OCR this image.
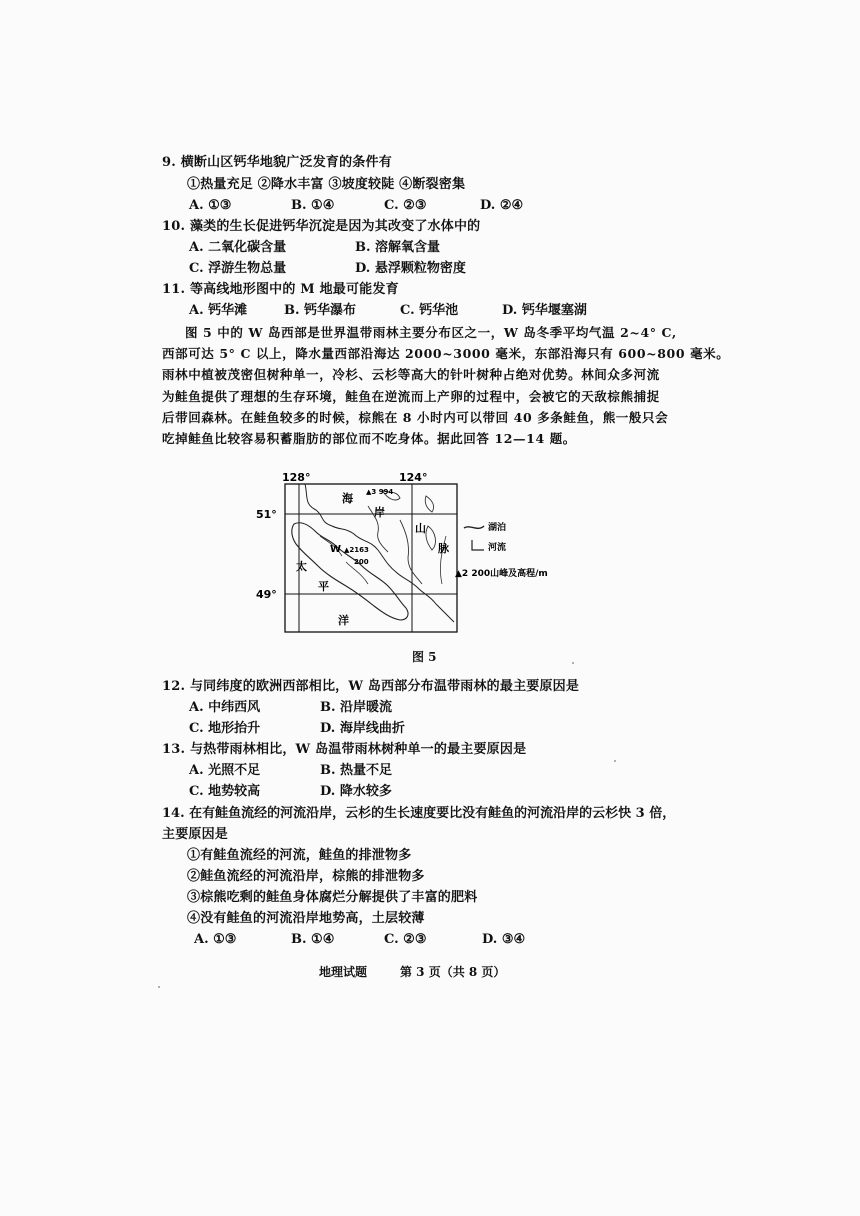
9. 横断山区钙华地貌广泛发育的条件有
①热量充足 ②降水丰富 ③坡度较陡 ④断裂密集
A. ①③	B. ①④	C. ②③	D. ②④
10. 藻类的生长促进钙华沉淀是因为其改变了水体中的
A. 二氧化碳含量	B. 溶解氧含量
C. 浮游生物总量	D. 悬浮颗粒物密度
11. 等高线地形图中的 M 地最可能发育
A. 钙华滩	B. 钙华瀑布	C. 钙华池	D. 钙华堰塞湖
图 5 中的 W 岛西部是世界温带雨林主要分布区之一，W 岛冬季平均气温 2~4° C,
西部可达 5° C 以上，降水量西部沿海达 2000~3000 毫米，东部沿海只有 600~800 毫米。
雨林中植被茂密但树种单一，冷杉、云杉等高大的针叶树种占绝对优势。林间众多河流
为鲑鱼提供了理想的生存环境，鲑鱼在逆流而上产卵的过程中，会被它的天敌棕熊捕捉
后带回森林。在鲑鱼较多的时候，棕熊在 8 小时内可以带回 40 多条鲑鱼，熊一般只会
吃掉鲑鱼比较容易积蓄脂肪的部位而不吃身体。据此回答 12—14 题。
128°	124°
51°
49°
海
岸
山
脉
太
平
洋
W
▲3 994
▲2163
200
湖泊
河流
▲2 200山峰及高程/m
图 5
12. 与同纬度的欧洲西部相比，W 岛西部分布温带雨林的最主要原因是
A. 中纬西风	B. 沿岸暖流
C. 地形抬升	D. 海岸线曲折
13. 与热带雨林相比，W 岛温带雨林树种单一的最主要原因是
A. 光照不足	B. 热量不足
C. 地势较高	D. 降水较多
14. 在有鲑鱼流经的河流沿岸，云杉的生长速度要比没有鲑鱼的河流沿岸的云杉快 3 倍，
主要原因是
①有鲑鱼流经的河流，鲑鱼的排泄物多
②鲑鱼流经的河流沿岸，棕熊的排泄物多
③棕熊吃剩的鲑鱼身体腐烂分解提供了丰富的肥料
④没有鲑鱼的河流沿岸地势高，土层较薄
A. ①③	B. ①④	C. ②③	D. ③④
地理试题	第 3 页（共 8 页）
